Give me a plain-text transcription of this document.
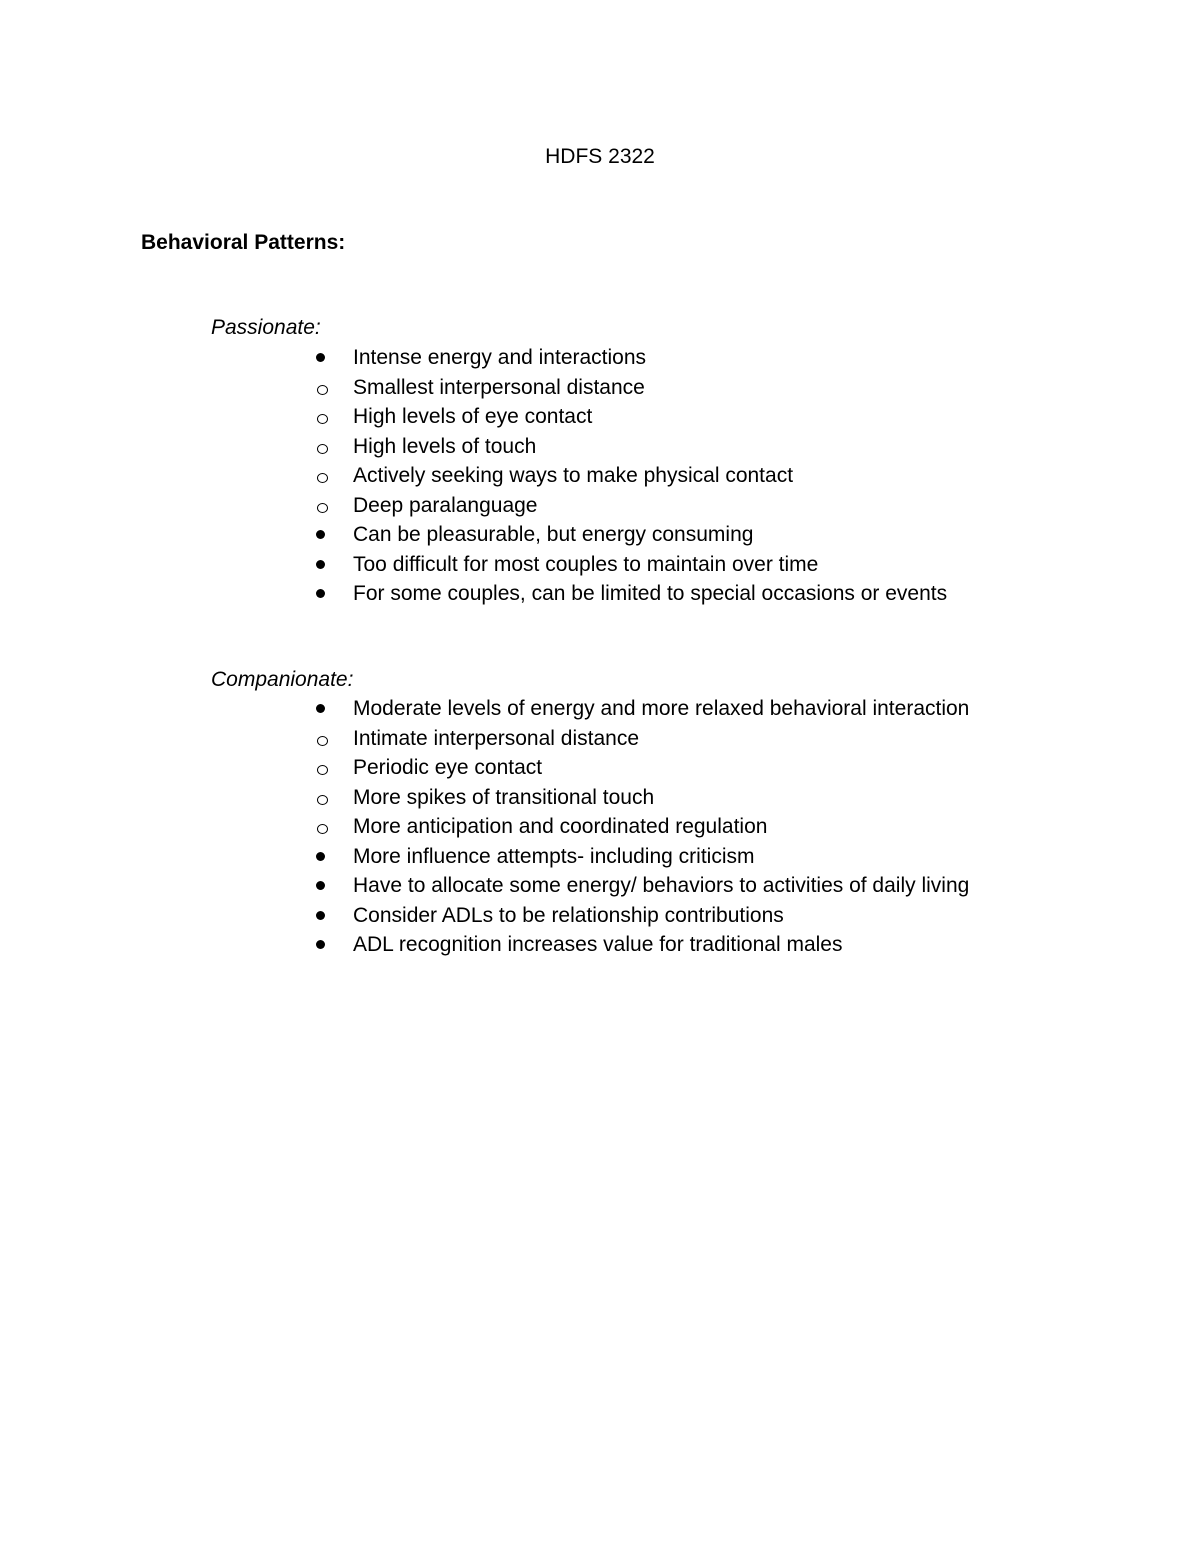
HDFS 2322
Behavioral Patterns:
Passionate:
Intense energy and interactions
Smallest interpersonal distance
High levels of eye contact
High levels of touch
Actively seeking ways to make physical contact
Deep paralanguage
Can be pleasurable, but energy consuming
Too difficult for most couples to maintain over time
For some couples, can be limited to special occasions or events
Companionate:
Moderate levels of energy and more relaxed behavioral interaction
Intimate interpersonal distance
Periodic eye contact
More spikes of transitional touch
More anticipation and coordinated regulation
More influence attempts- including criticism
Have to allocate some energy/ behaviors to activities of daily living
Consider ADLs to be relationship contributions
ADL recognition increases value for traditional males
